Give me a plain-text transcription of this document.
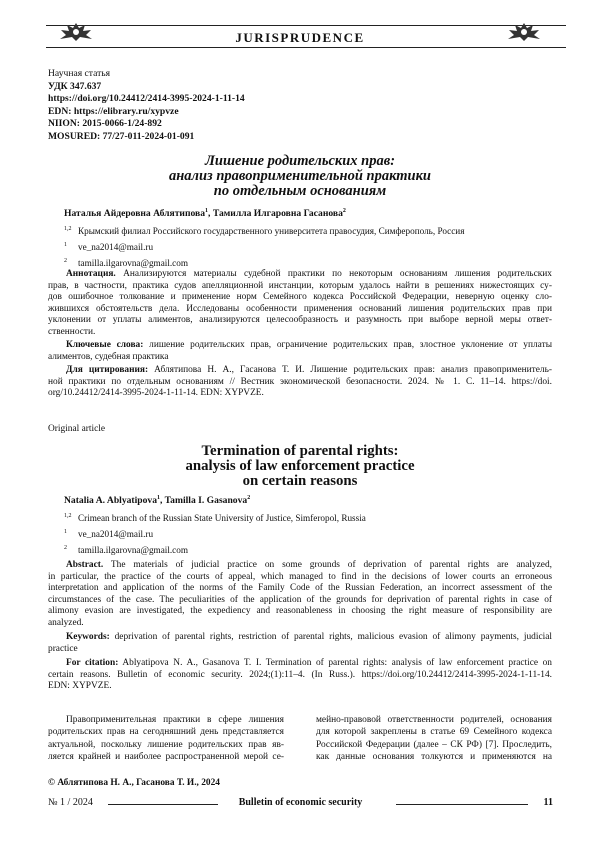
JURISPRUDENCE
Научная статья
УДК 347.637
https://doi.org/10.24412/2414-3995-2024-1-11-14
EDN: https://elibrary.ru/xypvze
NIION: 2015-0066-1/24-892
MOSURED: 77/27-011-2024-01-091
Лишение родительских прав:
анализ правоприменительной практики
по отдельным основаниям
Наталья Айдеровна Аблятипова$^1$, Тамилла Илгаровна Гасанова$^2$
1,2 Крымский филиал Российского государственного университета правосудия, Симферополь, Россия
1 ve_na2014@mail.ru
2 tamilla.ilgarovna@gmail.com
Аннотация. Анализируются материалы судебной практики по некоторым основаниям лишения родительских
прав, в частности, практика судов апелляционной инстанции, которым удалось найти в решениях нижестоящих су-
дов ошибочное толкование и применение норм Семейного кодекса Российской Федерации, неверную оценку сло-
жившихся обстоятельств дела. Исследованы особенности применения оснований лишения родительских прав при
уклонении от уплаты алиментов, анализируются целесообразность и разумность при выборе верной меры ответ-
ственности.
Ключевые слова: лишение родительских прав, ограничение родительских прав, злостное уклонение от уплаты
алиментов, судебная практика
Для цитирования: Аблятипова Н. А., Гасанова Т. И. Лишение родительских прав: анализ правоприменитель-
ной практики по отдельным основаниям // Вестник экономической безопасности. 2024. № 1. С. 11–14. https://doi.
org/10.24412/2414-3995-2024-1-11-14. EDN: XYPVZE.
Original article
Termination of parental rights:
analysis of law enforcement practice
on certain reasons
Natalia A. Ablyatipova$^1$, Tamilla I. Gasanova$^2$
1,2 Crimean branch of the Russian State University of Justice, Simferopol, Russia
1 ve_na2014@mail.ru
2 tamilla.ilgarovna@gmail.com
Abstract. The materials of judicial practice on some grounds of deprivation of parental rights are analyzed,
in particular, the practice of the courts of appeal, which managed to find in the decisions of lower courts an erroneous
interpretation and application of the norms of the Family Code of the Russian Federation, an incorrect assessment of the
circumstances of the case. The peculiarities of the application of the grounds for deprivation of parental rights in case of
alimony evasion are investigated, the expediency and reasonableness in choosing the right measure of responsibility are
analyzed.
Keywords: deprivation of parental rights, restriction of parental rights, malicious evasion of alimony payments, judicial
practice
For citation: Ablyatipova N. A., Gasanova T. I. Termination of parental rights: analysis of law enforcement practice on
certain reasons. Bulletin of economic security. 2024;(1):11–4. (In Russ.). https://doi.org/10.24412/2414-3995-2024-1-11-14.
EDN: XYPVZE.
Правоприменительная практики в сфере лишения
родительских прав на сегодняшний день представляется
актуальной, поскольку лишение родительских прав яв-
ляется крайней и наиболее распространенной мерой се-
мейно-правовой ответственности родителей, основания
для которой закреплены в статье 69 Семейного кодекса
Российской Федерации (далее – СК РФ) [7]. Проследить,
как данные основания толкуются и применяются на
© Аблятипова Н. А., Гасанова Т. И., 2024
№ 1 / 2024	Bulletin of economic security	11
